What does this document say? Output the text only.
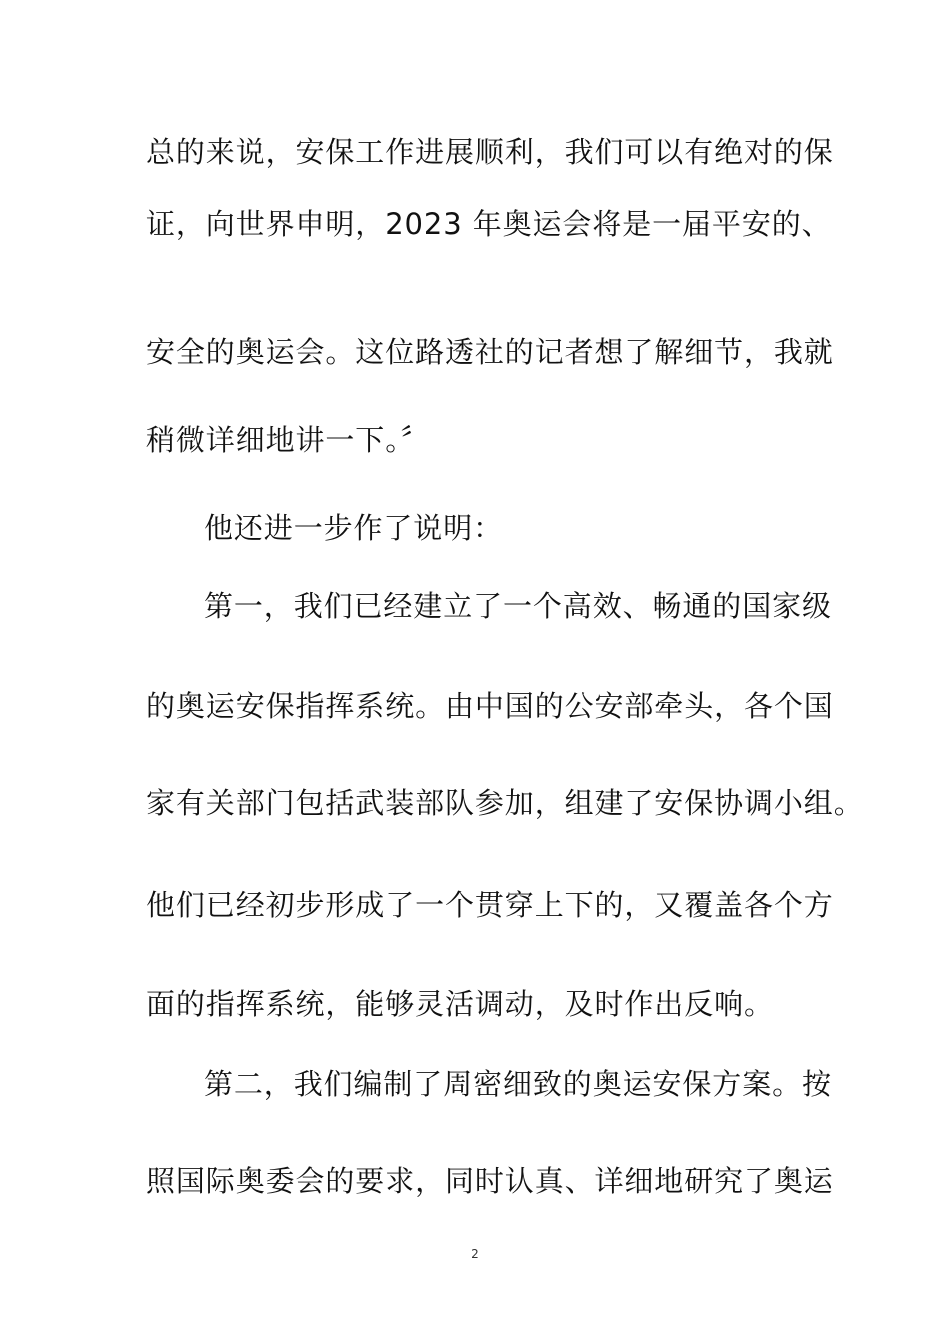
总的来说，安保工作进展顺利，我们可以有绝对的保
证，向世界申明，2023 年奥运会将是一届平安的、
安全的奥运会。这位路透社的记者想了解细节，我就
稍微详细地讲一下。〞
他还进一步作了说明：
第一，我们已经建立了一个高效、畅通的国家级
的奥运安保指挥系统。由中国的公安部牵头，各个国
家有关部门包括武装部队参加，组建了安保协调小组。
他们已经初步形成了一个贯穿上下的，又覆盖各个方
面的指挥系统，能够灵活调动，及时作出反响。
第二，我们编制了周密细致的奥运安保方案。按
照国际奥委会的要求，同时认真、详细地研究了奥运
2
